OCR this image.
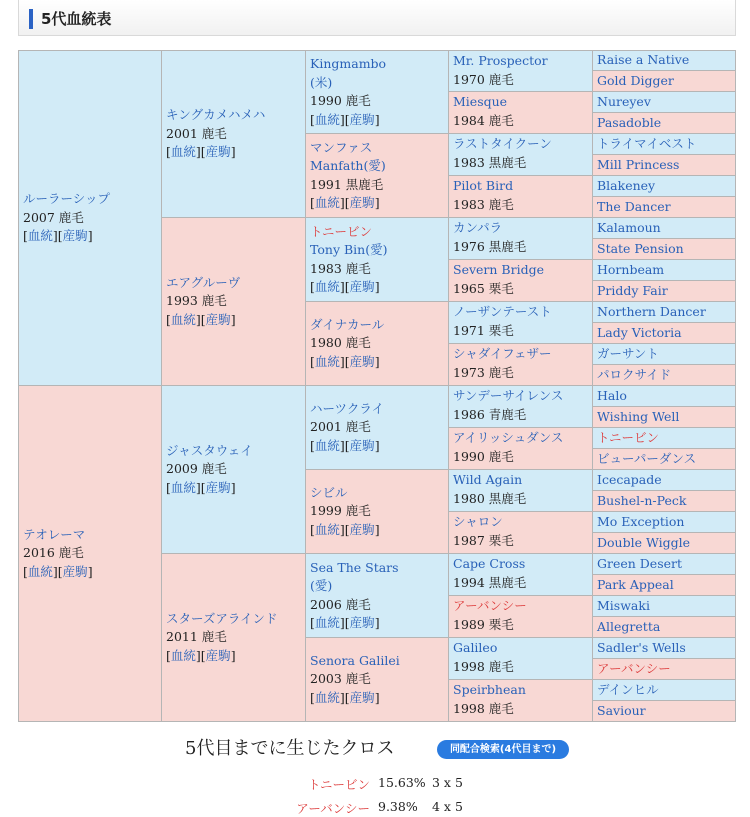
5代血統表
ルーラーシップ
2007 鹿毛
[血統][産駒]
テオレーマ
2016 鹿毛
[血統][産駒]
キングカメハメハ
2001 鹿毛
[血統][産駒]
エアグルーヴ
1993 鹿毛
[血統][産駒]
ジャスタウェイ
2009 鹿毛
[血統][産駒]
スターズアラインド
2011 鹿毛
[血統][産駒]
Kingmambo
(米)
1990 鹿毛
[血統][産駒]
マンファス
Manfath(愛)
1991 黒鹿毛
[血統][産駒]
トニービン
Tony Bin(愛)
1983 鹿毛
[血統][産駒]
ダイナカール
1980 鹿毛
[血統][産駒]
ハーツクライ
2001 鹿毛
[血統][産駒]
シビル
1999 鹿毛
[血統][産駒]
Sea The Stars
(愛)
2006 鹿毛
[血統][産駒]
Senora Galilei
2003 鹿毛
[血統][産駒]
Mr. Prospector
1970 鹿毛
Miesque
1984 鹿毛
ラストタイクーン
1983 黒鹿毛
Pilot Bird
1983 鹿毛
カンパラ
1976 黒鹿毛
Severn Bridge
1965 栗毛
ノーザンテースト
1971 栗毛
シャダイフェザー
1973 鹿毛
サンデーサイレンス
1986 青鹿毛
アイリッシュダンス
1990 鹿毛
Wild Again
1980 黒鹿毛
シャロン
1987 栗毛
Cape Cross
1994 黒鹿毛
アーバンシー
1989 栗毛
Galileo
1998 鹿毛
Speirbhean
1998 鹿毛
Raise a Native
Gold Digger
Nureyev
Pasadoble
トライマイベスト
Mill Princess
Blakeney
The Dancer
Kalamoun
State Pension
Hornbeam
Priddy Fair
Northern Dancer
Lady Victoria
ガーサント
パロクサイド
Halo
Wishing Well
トニービン
ビューパーダンス
Icecapade
Bushel-n-Peck
Mo Exception
Double Wiggle
Green Desert
Park Appeal
Miswaki
Allegretta
Sadler's Wells
アーバンシー
デインヒル
Saviour
5代目までに生じたクロス	同配合検索(4代目まで)
トニービン 15.63% 3 x 5
アーバンシー 9.38% 4 x 5
